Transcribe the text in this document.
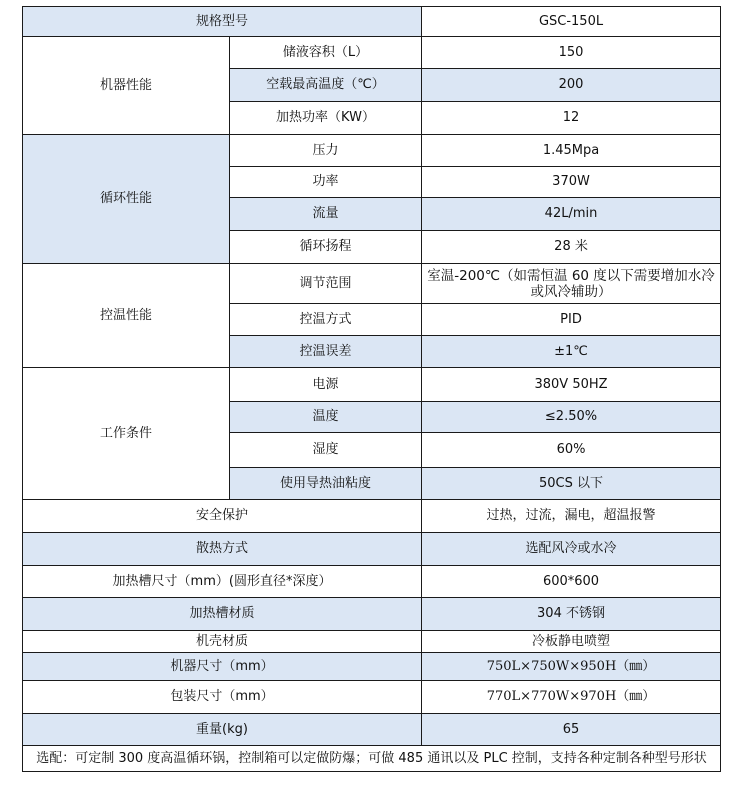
规格型号		GSC-150L
机器性能	储液容积（L）	150
	空载最高温度（℃）	200
	加热功率（KW）	12
循环性能	压力	1.45Mpa
	功率	370W
	流量	42L/min
	循环扬程	28 米
控温性能	调节范围	室温-200℃（如需恒温 60 度以下需要增加水冷或风冷辅助）
	控温方式	PID
	控温误差	±1℃
工作条件	电源	380V 50HZ
	温度	≤2.50%
	湿度	60%
	使用导热油粘度	50CS 以下
安全保护		过热，过流，漏电，超温报警
散热方式		选配风冷或水冷
加热槽尺寸（mm）(圆形直径*深度）		600*600
加热槽材质		304 不锈钢
机壳材质		冷板静电喷塑
机器尺寸（mm）		750L×750W×950H（㎜）
包装尺寸（mm）		770L×770W×970H（㎜）
重量(kg)		65
选配：可定制 300 度高温循环锅，控制箱可以定做防爆；可做 485 通讯以及 PLC 控制，支持各种定制各种型号形状		
